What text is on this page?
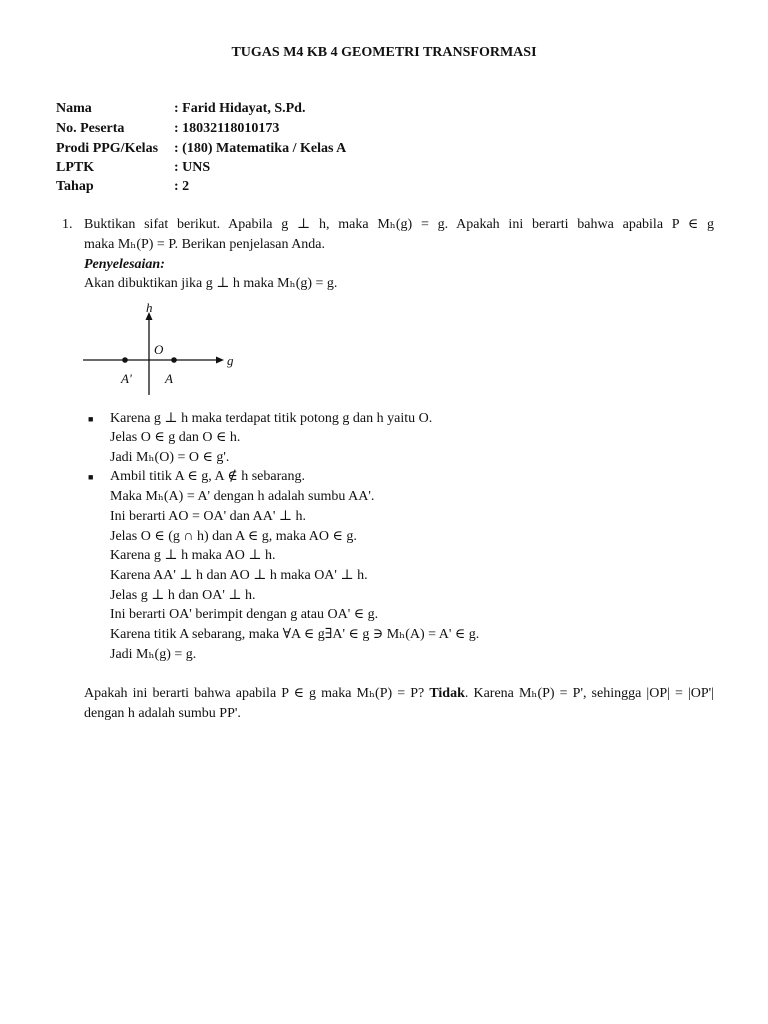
TUGAS M4 KB 4 GEOMETRI TRANSFORMASI
Nama	: Farid Hidayat, S.Pd.
No. Peserta	: 18032118010173
Prodi PPG/Kelas : (180) Matematika / Kelas A
LPTK	: UNS
Tahap	: 2
1. Buktikan sifat berikut. Apabila g ⊥ h, maka Mₕ(g) = g. Apakah ini berarti bahwa apabila P ∈ g
maka Mₕ(P) = P. Berikan penjelasan Anda.
Penyelesaian:
Akan dibuktikan jika g ⊥ h maka Mₕ(g) = g.
h
g
O
A'	A
■ Karena g ⊥ h maka terdapat titik potong g dan h yaitu O.
Jelas O ∈ g dan O ∈ h.
Jadi Mₕ(O) = O ∈ g'.
■ Ambil titik A ∈ g, A ∉ h sebarang.
Maka Mₕ(A) = A' dengan h adalah sumbu AA'.
Ini berarti AO = OA' dan AA' ⊥ h.
Jelas O ∈ (g ∩ h) dan A ∈ g, maka AO ∈ g.
Karena g ⊥ h maka AO ⊥ h.
Karena AA' ⊥ h dan AO ⊥ h maka OA' ⊥ h.
Jelas g ⊥ h dan OA' ⊥ h.
Ini berarti OA' berimpit dengan g atau OA' ∈ g.
Karena titik A sebarang, maka ∀A ∈ g∃A' ∈ g ∋ Mₕ(A) = A' ∈ g.
Jadi Mₕ(g) = g.
Apakah ini berarti bahwa apabila P ∈ g maka Mₕ(P) = P? Tidak. Karena Mₕ(P) = P', sehingga |OP| = |OP'| dengan h adalah sumbu PP'.
